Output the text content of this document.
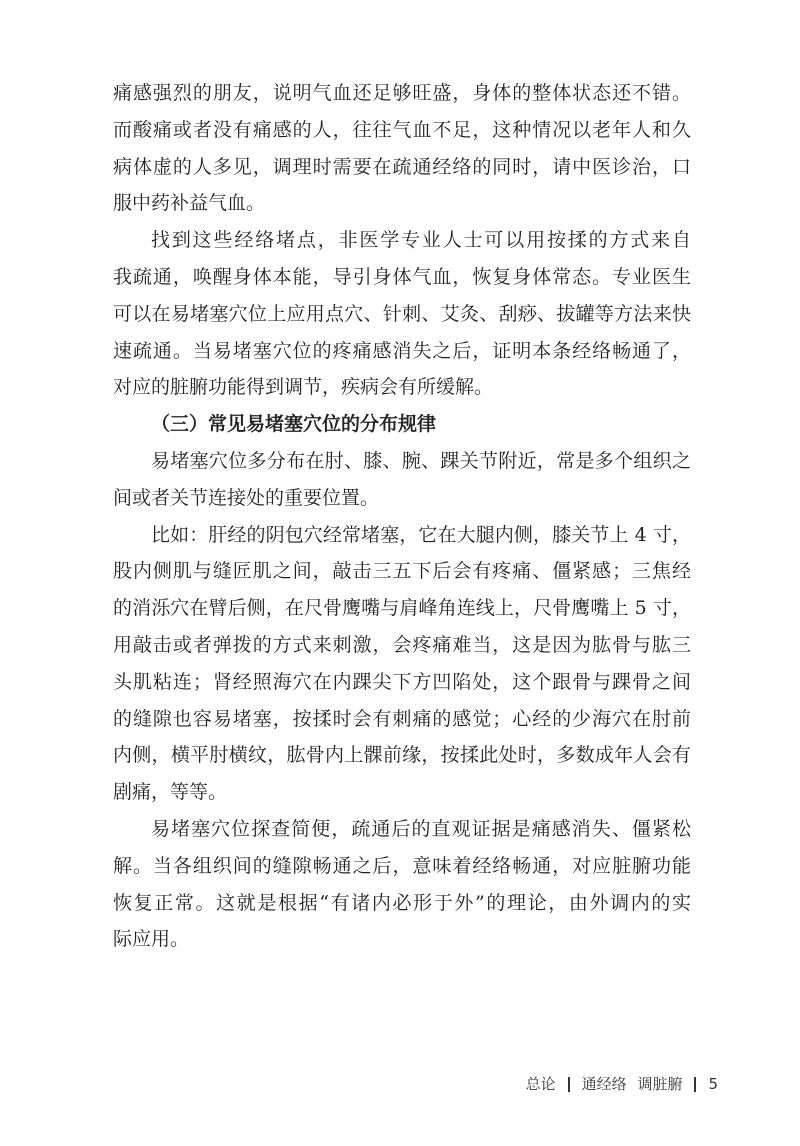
痛感强烈的朋友，说明气血还足够旺盛，身体的整体状态还不错。
而酸痛或者没有痛感的人，往往气血不足，这种情况以老年人和久
病体虚的人多见，调理时需要在疏通经络的同时，请中医诊治，口
服中药补益气血。
找到这些经络堵点，非医学专业人士可以用按揉的方式来自
我疏通，唤醒身体本能，导引身体气血，恢复身体常态。专业医生
可以在易堵塞穴位上应用点穴、针刺、艾灸、刮痧、拔罐等方法来快
速疏通。当易堵塞穴位的疼痛感消失之后，证明本条经络畅通了，
对应的脏腑功能得到调节，疾病会有所缓解。
（三）常见易堵塞穴位的分布规律
易堵塞穴位多分布在肘、膝、腕、踝关节附近，常是多个组织之
间或者关节连接处的重要位置。
比如：肝经的阴包穴经常堵塞，它在大腿内侧，膝关节上 4 寸，
股内侧肌与缝匠肌之间，敲击三五下后会有疼痛、僵紧感；三焦经
的消泺穴在臂后侧，在尺骨鹰嘴与肩峰角连线上，尺骨鹰嘴上 5 寸，
用敲击或者弹拨的方式来刺激，会疼痛难当，这是因为肱骨与肱三
头肌粘连；肾经照海穴在内踝尖下方凹陷处，这个跟骨与踝骨之间
的缝隙也容易堵塞，按揉时会有刺痛的感觉；心经的少海穴在肘前
内侧，横平肘横纹，肱骨内上髁前缘，按揉此处时，多数成年人会有
剧痛，等等。
易堵塞穴位探查简便，疏通后的直观证据是痛感消失、僵紧松
解。当各组织间的缝隙畅通之后，意味着经络畅通，对应脏腑功能
恢复正常。这就是根据“有诸内必形于外”的理论，由外调内的实
际应用。
总论 通经络 调脏腑 5
